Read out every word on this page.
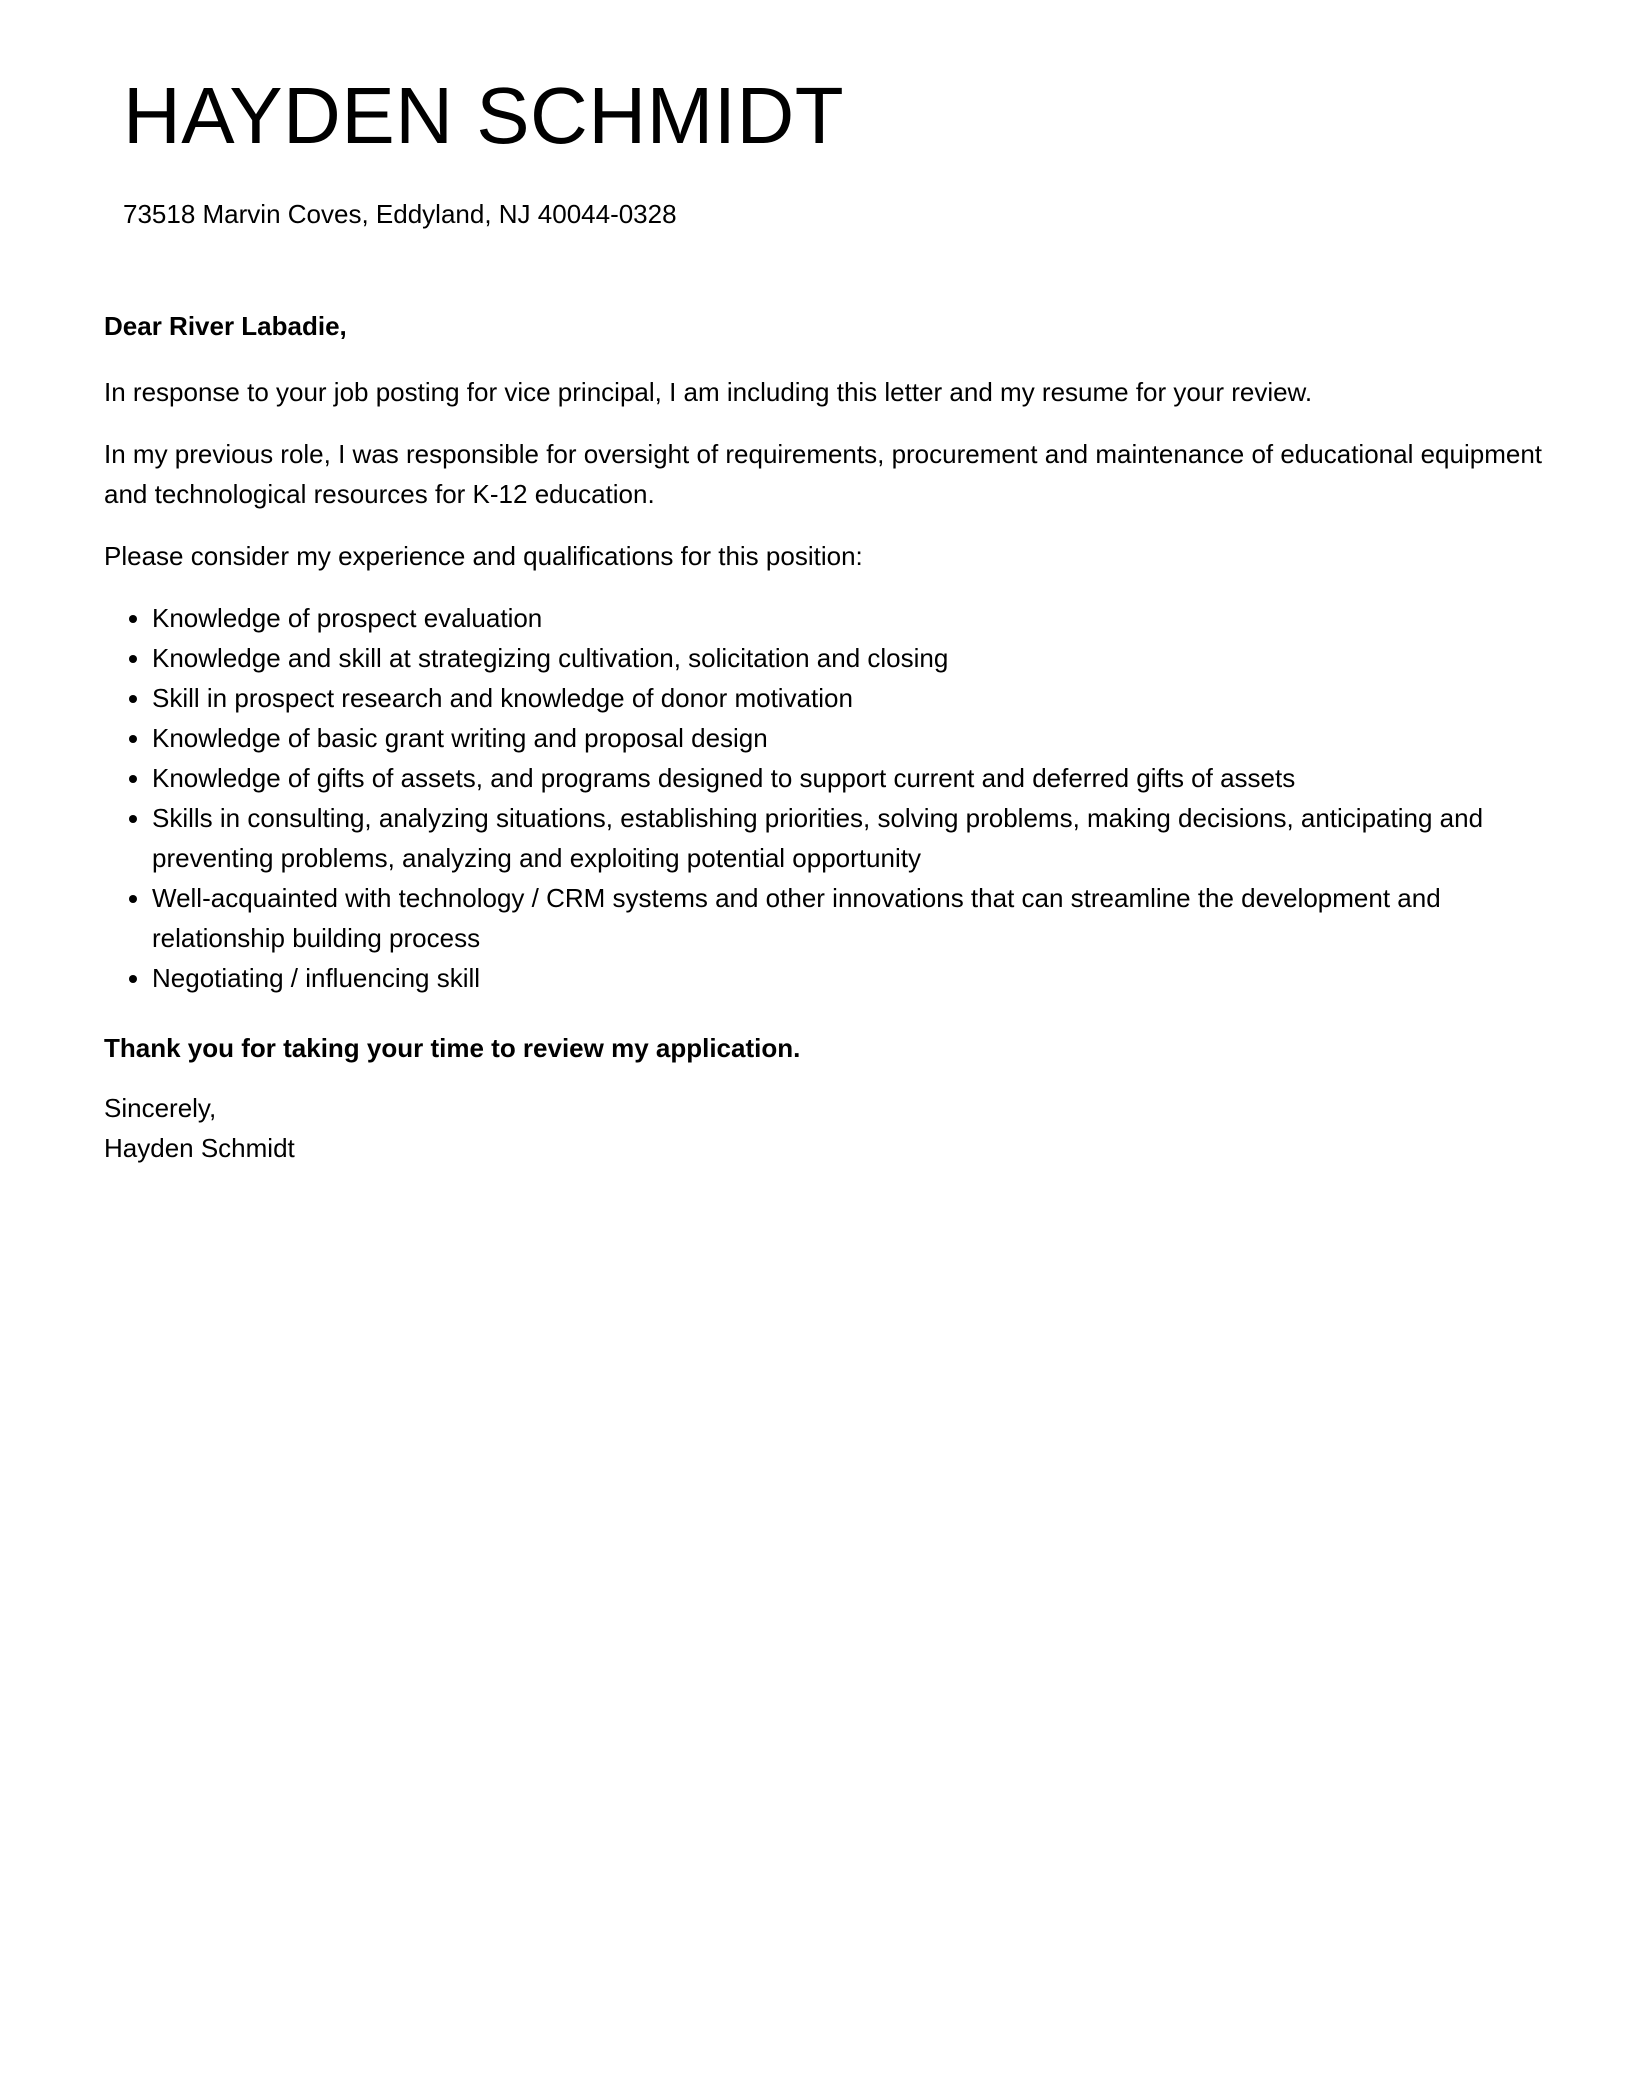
HAYDEN SCHMIDT
73518 Marvin Coves, Eddyland, NJ 40044-0328

Dear River Labadie,

In response to your job posting for vice principal, I am including this letter and my resume for your review.

In my previous role, I was responsible for oversight of requirements, procurement and maintenance of educational equipment and technological resources for K-12 education.

Please consider my experience and qualifications for this position:

• Knowledge of prospect evaluation
• Knowledge and skill at strategizing cultivation, solicitation and closing
• Skill in prospect research and knowledge of donor motivation
• Knowledge of basic grant writing and proposal design
• Knowledge of gifts of assets, and programs designed to support current and deferred gifts of assets
• Skills in consulting, analyzing situations, establishing priorities, solving problems, making decisions, anticipating and preventing problems, analyzing and exploiting potential opportunity
• Well-acquainted with technology / CRM systems and other innovations that can streamline the development and relationship building process
• Negotiating / influencing skill

Thank you for taking your time to review my application.

Sincerely,
Hayden Schmidt
